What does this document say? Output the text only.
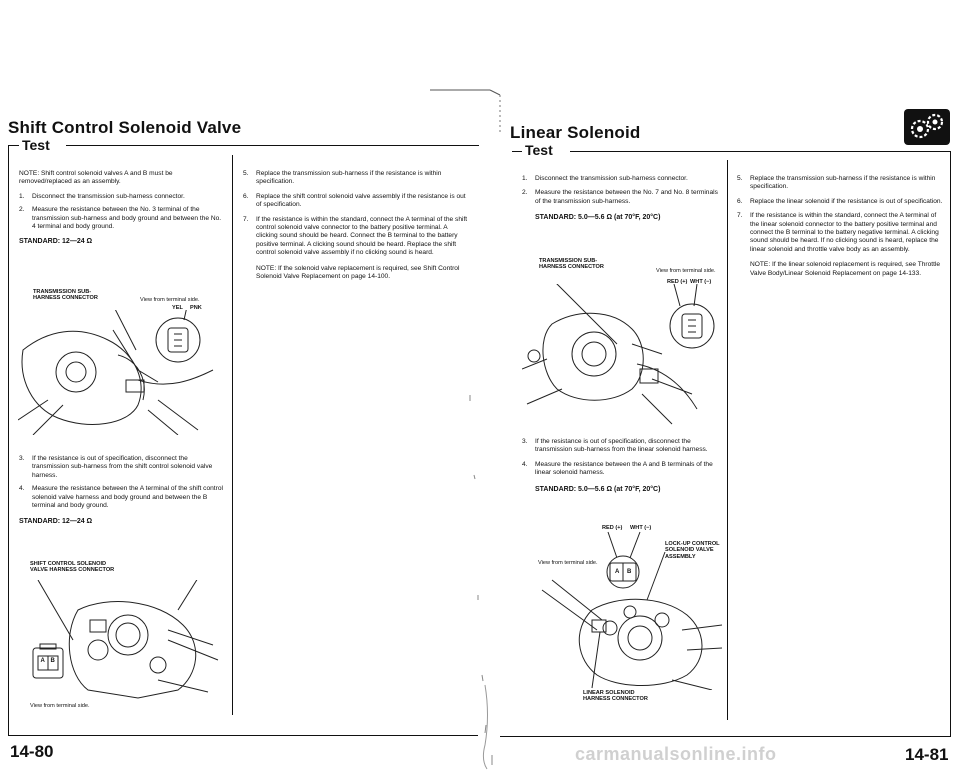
Shift Control Solenoid Valve
Test
NOTE: Shift control solenoid valves A and B must be removed/replaced as an assembly.
1. Disconnect the transmission sub-harness connector.
2. Measure the resistance between the No. 3 terminal of the transmission sub-harness and body ground and between the No. 4 terminal and body ground.
STANDARD: 12—24 Ω
TRANSMISSION SUB-HARNESS CONNECTOR	View from terminal side.
YEL PNK
3. If the resistance is out of specification, disconnect the transmission sub-harness from the shift control solenoid valve harness.
4. Measure the resistance between the A terminal of the shift control solenoid valve harness and body ground and between the B terminal and body ground.
STANDARD: 12—24 Ω
SHIFT CONTROL SOLENOID VALVE HARNESS CONNECTOR
A B
View from terminal side.
5. Replace the transmission sub-harness if the resistance is within specification.
6. Replace the shift control solenoid valve assembly if the resistance is out of specification.
7. If the resistance is within the standard, connect the A terminal of the shift control solenoid valve connector to the battery positive terminal. A clicking sound should be heard. Connect the B terminal to the battery positive terminal. A clicking sound should be heard. Replace the shift control solenoid valve assembly if no clicking sound is heard.
NOTE: If the solenoid valve replacement is required, see Shift Control Solenoid Valve Replacement on page 14-100.
14-80
Linear Solenoid
Test
1. Disconnect the transmission sub-harness connector.
2. Measure the resistance between the No. 7 and No. 8 terminals of the transmission sub-harness.
STANDARD: 5.0—5.6 Ω (at 70°F, 20°C)
TRANSMISSION SUB-HARNESS CONNECTOR
View from terminal side.
RED (+) WHT (−)
3. If the resistance is out of specification, disconnect the transmission sub-harness from the linear solenoid harness.
4. Measure the resistance between the A and B terminals of the linear solenoid harness.
STANDARD: 5.0—5.6 Ω (at 70°F, 20°C)
RED (+) WHT (−)
LOCK-UP CONTROL SOLENOID VALVE ASSEMBLY
View from terminal side.
A B
LINEAR SOLENOID HARNESS CONNECTOR
5. Replace the transmission sub-harness if the resistance is within specification.
6. Replace the linear solenoid if the resistance is out of specification.
7. If the resistance is within the standard, connect the A terminal of the linear solenoid connector to the battery positive terminal and connect the B terminal to the battery negative terminal. A clicking sound should be heard. If no clicking sound is heard, replace the linear solenoid and throttle valve body as an assembly.
NOTE: If the linear solenoid replacement is required, see Throttle Valve Body/Linear Solenoid Replacement on page 14-133.
14-81
carmanualsonline.info
